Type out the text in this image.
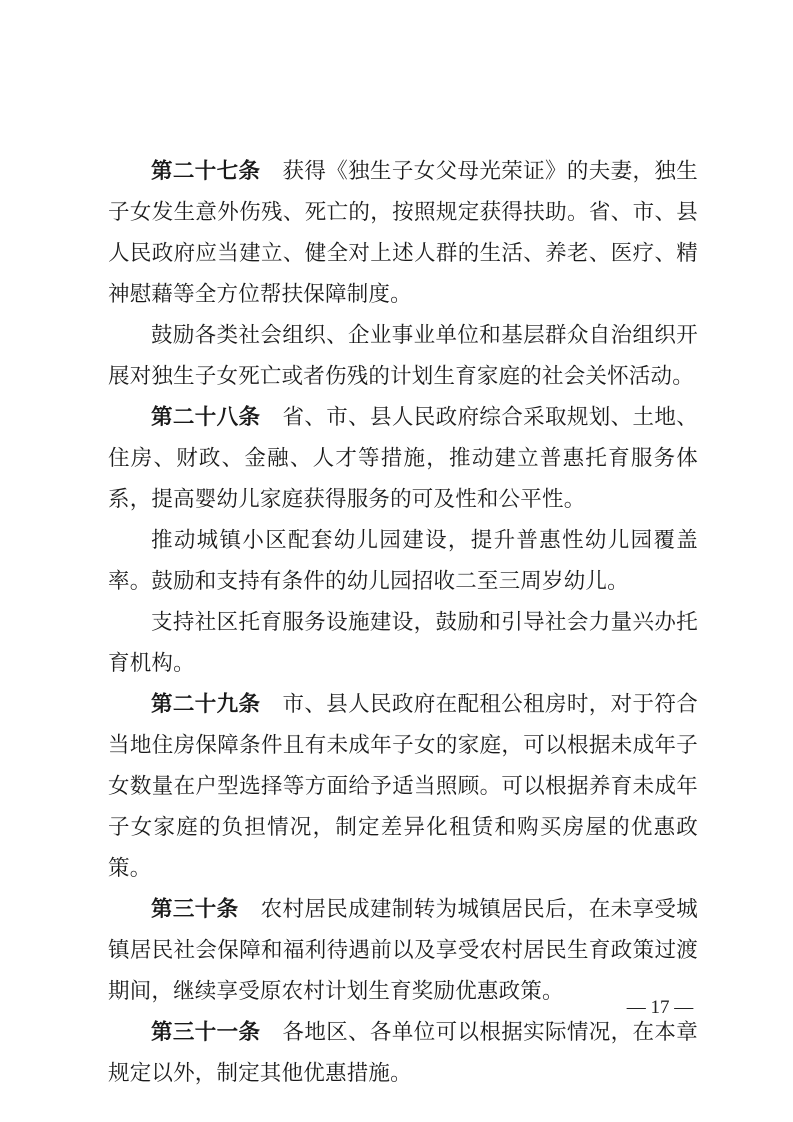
第二十七条 获得《独生子女父母光荣证》的夫妻，独生子女发生意外伤残、死亡的，按照规定获得扶助。省、市、县人民政府应当建立、健全对上述人群的生活、养老、医疗、精神慰藉等全方位帮扶保障制度。

鼓励各类社会组织、企业事业单位和基层群众自治组织开展对独生子女死亡或者伤残的计划生育家庭的社会关怀活动。

第二十八条 省、市、县人民政府综合采取规划、土地、住房、财政、金融、人才等措施，推动建立普惠托育服务体系，提高婴幼儿家庭获得服务的可及性和公平性。

推动城镇小区配套幼儿园建设，提升普惠性幼儿园覆盖率。鼓励和支持有条件的幼儿园招收二至三周岁幼儿。

支持社区托育服务设施建设，鼓励和引导社会力量兴办托育机构。

第二十九条 市、县人民政府在配租公租房时，对于符合当地住房保障条件且有未成年子女的家庭，可以根据未成年子女数量在户型选择等方面给予适当照顾。可以根据养育未成年子女家庭的负担情况，制定差异化租赁和购买房屋的优惠政策。

第三十条 农村居民成建制转为城镇居民后，在未享受城镇居民社会保障和福利待遇前以及享受农村居民生育政策过渡期间，继续享受原农村计划生育奖励优惠政策。

第三十一条 各地区、各单位可以根据实际情况，在本章规定以外，制定其他优惠措施。

— 17 —
